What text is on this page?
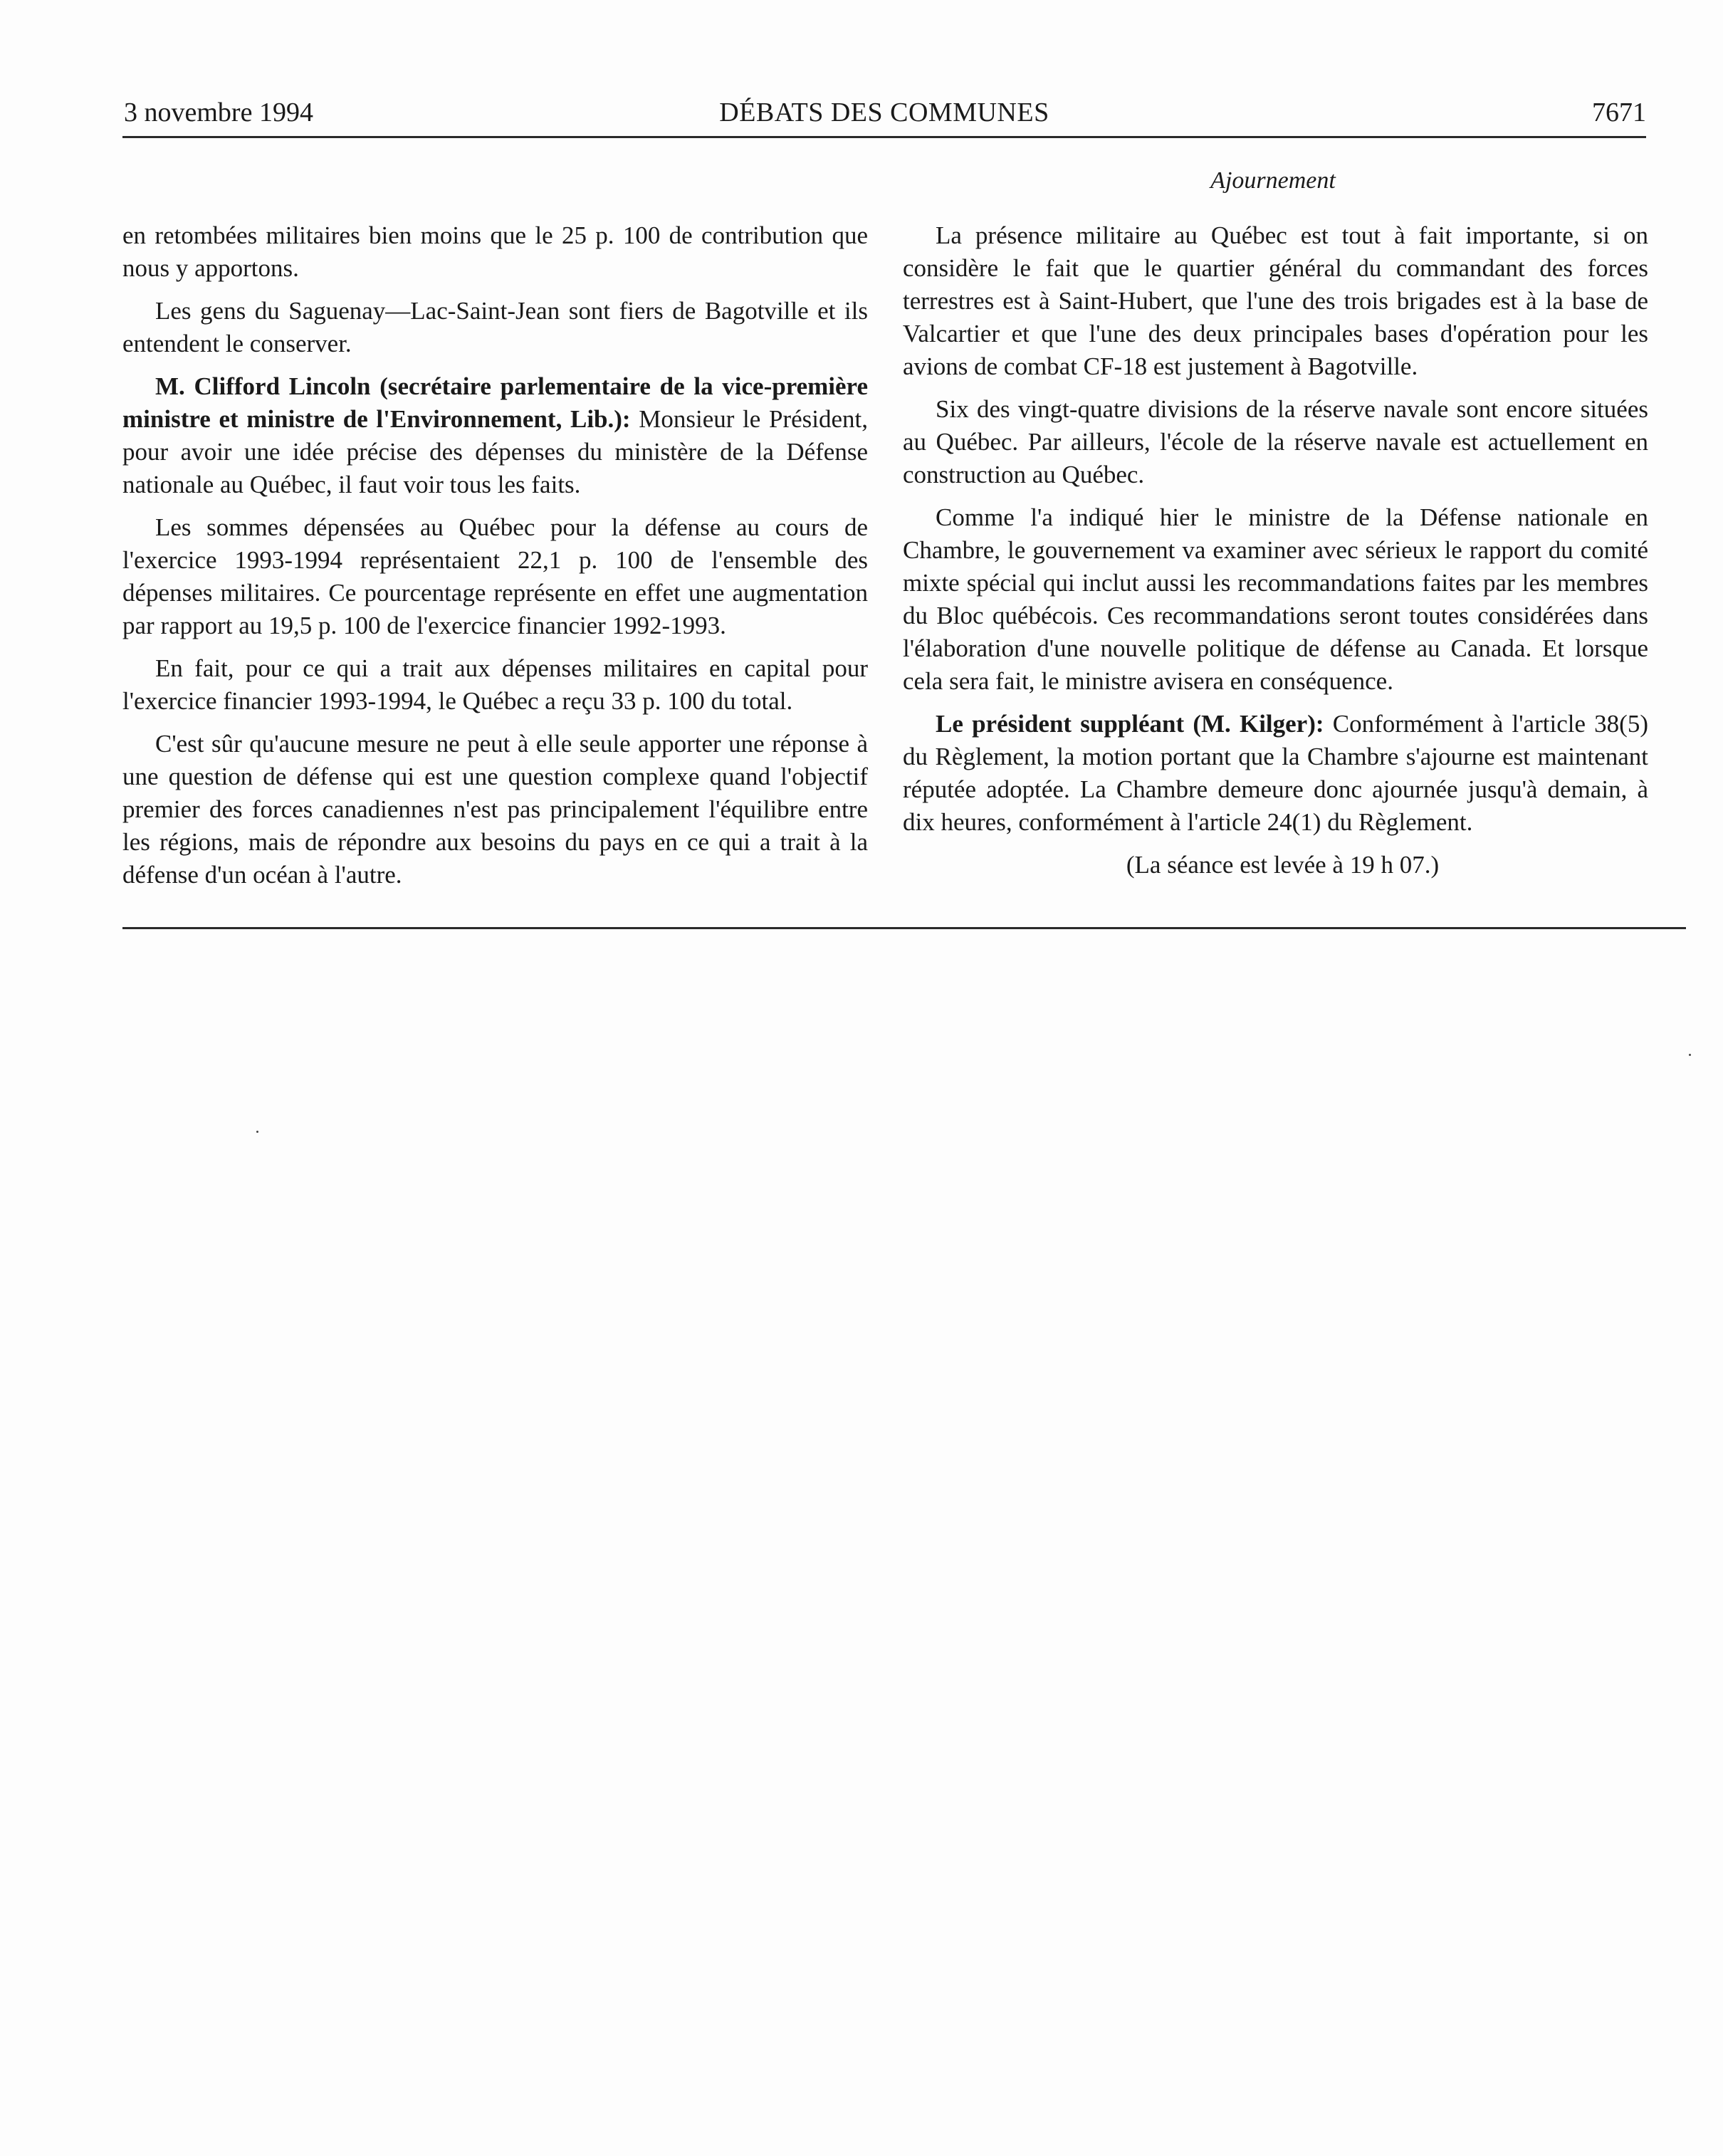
3 novembre 1994	DÉBATS DES COMMUNES	7671
Ajournement

en retombées militaires bien moins que le 25 p. 100 de contribution que nous y apportons.

Les gens du Saguenay—Lac-Saint-Jean sont fiers de Bagotville et ils entendent le conserver.

M. Clifford Lincoln (secrétaire parlementaire de la vice-première ministre et ministre de l'Environnement, Lib.): Monsieur le Président, pour avoir une idée précise des dépenses du ministère de la Défense nationale au Québec, il faut voir tous les faits.

Les sommes dépensées au Québec pour la défense au cours de l'exercice 1993-1994 représentaient 22,1 p. 100 de l'ensemble des dépenses militaires. Ce pourcentage représente en effet une augmentation par rapport au 19,5 p. 100 de l'exercice financier 1992-1993.

En fait, pour ce qui a trait aux dépenses militaires en capital pour l'exercice financier 1993-1994, le Québec a reçu 33 p. 100 du total.

C'est sûr qu'aucune mesure ne peut à elle seule apporter une réponse à une question de défense qui est une question complexe quand l'objectif premier des forces canadiennes n'est pas principalement l'équilibre entre les régions, mais de répondre aux besoins du pays en ce qui a trait à la défense d'un océan à l'autre.

La présence militaire au Québec est tout à fait importante, si on considère le fait que le quartier général du commandant des forces terrestres est à Saint-Hubert, que l'une des trois brigades est à la base de Valcartier et que l'une des deux principales bases d'opération pour les avions de combat CF-18 est justement à Bagotville.

Six des vingt-quatre divisions de la réserve navale sont encore situées au Québec. Par ailleurs, l'école de la réserve navale est actuellement en construction au Québec.

Comme l'a indiqué hier le ministre de la Défense nationale en Chambre, le gouvernement va examiner avec sérieux le rapport du comité mixte spécial qui inclut aussi les recommandations faites par les membres du Bloc québécois. Ces recommandations seront toutes considérées dans l'élaboration d'une nouvelle politique de défense au Canada. Et lorsque cela sera fait, le ministre avisera en conséquence.

Le président suppléant (M. Kilger): Conformément à l'article 38(5) du Règlement, la motion portant que la Chambre s'ajourne est maintenant réputée adoptée. La Chambre demeure donc ajournée jusqu'à demain, à dix heures, conformément à l'article 24(1) du Règlement.

(La séance est levée à 19 h 07.)
